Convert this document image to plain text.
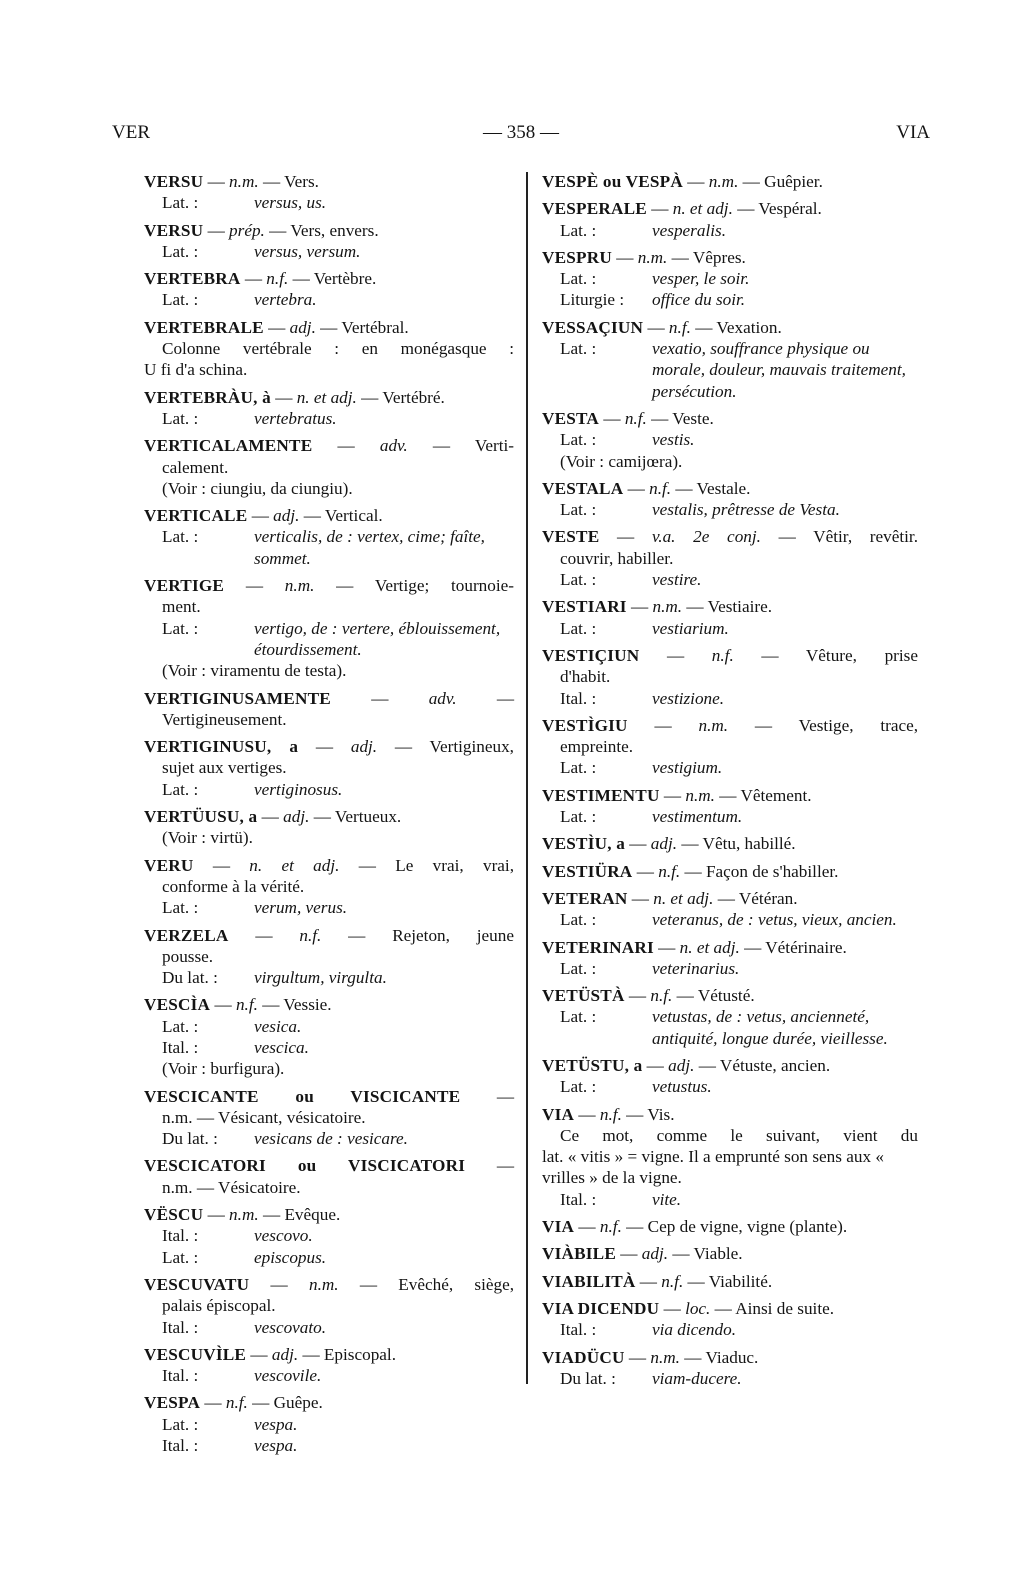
VER	— 358 —	VIA
VERSU — n.m. — Vers.
Lat. :	versus, us.
VERSU — prép. — Vers, envers.
Lat. :	versus, versum.
VERTEBRA — n.f. — Vertèbre.
Lat. :	vertebra.
VERTEBRALE — adj. — Vertébral.
Colonne vertébrale : en monégasque :
U fi d'a schina.
VERTEBRÀU, à — n. et adj. — Vertébré.
Lat. :	vertebratus.
VERTICALAMENTE — adv. — Verti-
calement.
(Voir : ciungiu, da ciungiu).
VERTICALE — adj. — Vertical.
Lat. :	verticalis, de : vertex, cime; faîte, sommet.
VERTIGE — n.m. — Vertige; tournoie-
ment.
Lat. :	vertigo, de : vertere, éblouissement, étourdissement.
(Voir : viramentu de testa).
VERTIGINUSAMENTE — adv. —
Vertigineusement.
VERTIGINUSU, a — adj. — Vertigineux,
sujet aux vertiges.
Lat. :	vertiginosus.
VERTÜUSU, a — adj. — Vertueux.
(Voir : virtü).
VERU — n. et adj. — Le vrai, vrai,
conforme à la vérité.
Lat. :	verum, verus.
VERZELA — n.f. — Rejeton, jeune
pousse.
Du lat. :	virgultum, virgulta.
VESCÌA — n.f. — Vessie.
Lat. :	vesica.
Ital. :	vescica.
(Voir : burfigura).
VESCICANTE ou VISCICANTE —
n.m. — Vésicant, vésicatoire.
Du lat. :	vesicans de : vesicare.
VESCICATORI ou VISCICATORI —
n.m. — Vésicatoire.
VËSCU — n.m. — Evêque.
Ital. :	vescovo.
Lat. :	episcopus.
VESCUVATU — n.m. — Evêché, siège,
palais épiscopal.
Ital. :	vescovato.
VESCUVÌLE — adj. — Episcopal.
Ital. :	vescovile.
VESPA — n.f. — Guêpe.
Lat. :	vespa.
Ital. :	vespa.
VESPÈ ou VESPÀ — n.m. — Guêpier.
VESPERALE — n. et adj. — Vespéral.
Lat. :	vesperalis.
VESPRU — n.m. — Vêpres.
Lat. :	vesper, le soir.
Liturgie :	office du soir.
VESSAÇIUN — n.f. — Vexation.
Lat. :	vexatio, souffrance physique ou morale, douleur, mauvais traitement, persécution.
VESTA — n.f. — Veste.
Lat. :	vestis.
(Voir : camijœra).
VESTALA — n.f. — Vestale.
Lat. :	vestalis, prêtresse de Vesta.
VESTE — v.a. 2e conj. — Vêtir, revêtir.
couvrir, habiller.
Lat. :	vestire.
VESTIARI — n.m. — Vestiaire.
Lat. :	vestiarium.
VESTIÇIUN — n.f. — Vêture, prise
d'habit.
Ital. :	vestizione.
VESTÌGIU — n.m. — Vestige, trace,
empreinte.
Lat. :	vestigium.
VESTIMENTU — n.m. — Vêtement.
Lat. :	vestimentum.
VESTÌU, a — adj. — Vêtu, habillé.
VESTIÜRA — n.f. — Façon de s'habiller.
VETERAN — n. et adj. — Vétéran.
Lat. :	veteranus, de : vetus, vieux, ancien.
VETERINARI — n. et adj. — Vétérinaire.
Lat. :	veterinarius.
VETÜSTÀ — n.f. — Vétusté.
Lat. :	vetustas, de : vetus, ancienneté, antiquité, longue durée, vieillesse.
VETÜSTU, a — adj. — Vétuste, ancien.
Lat. :	vetustus.
VIA — n.f. — Vis.
Ce mot, comme le suivant, vient du
lat. « vitis » = vigne. Il a emprunté son sens aux « vrilles » de la vigne.
Ital. :	vite.
VIA — n.f. — Cep de vigne, vigne (plante).
VIÀBILE — adj. — Viable.
VIABILITÀ — n.f. — Viabilité.
VIA DICENDU — loc. — Ainsi de suite.
Ital. :	via dicendo.
VIADÜCU — n.m. — Viaduc.
Du lat. :	viam-ducere.
